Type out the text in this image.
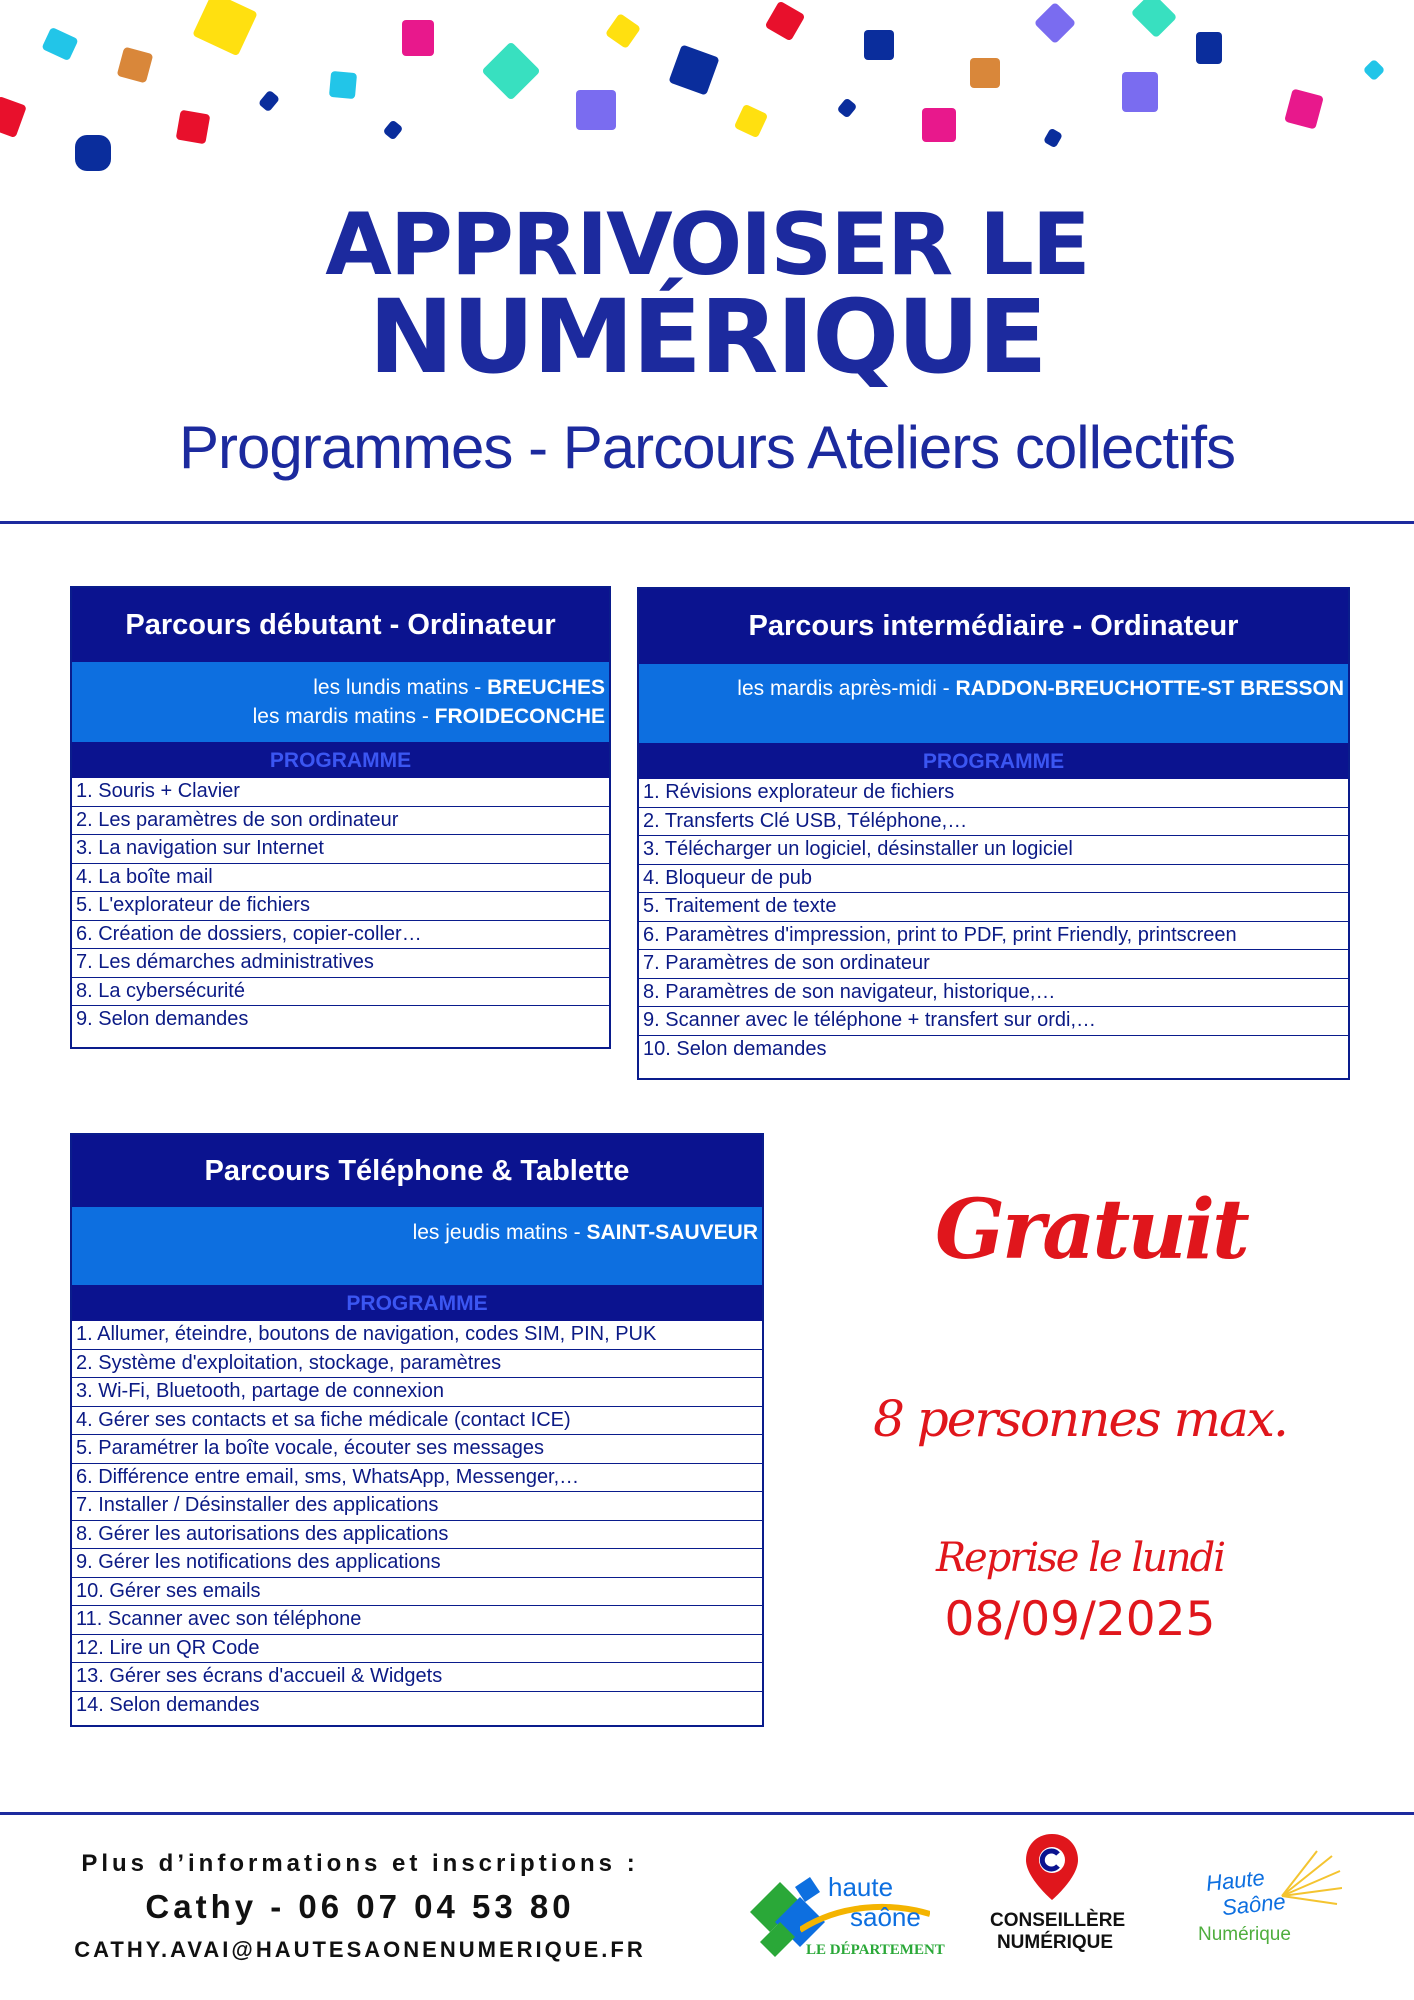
APPRIVOISER LE
NUMÉRIQUE
Programmes - Parcours Ateliers collectifs
Parcours débutant - Ordinateur
les lundis matins - BREUCHES
les mardis matins - FROIDECONCHE
PROGRAMME
1. Souris + Clavier
2. Les paramètres de son ordinateur
3. La navigation sur Internet
4. La boîte mail
5. L'explorateur de fichiers
6. Création de dossiers, copier-coller…
7. Les démarches administratives
8. La cybersécurité
9. Selon demandes
Parcours intermédiaire - Ordinateur
les mardis après-midi - RADDON-BREUCHOTTE-ST BRESSON
PROGRAMME
1. Révisions explorateur de fichiers
2. Transferts Clé USB, Téléphone,…
3. Télécharger un logiciel, désinstaller un logiciel
4. Bloqueur de pub
5. Traitement de texte
6. Paramètres d'impression, print to PDF, print Friendly, printscreen
7. Paramètres de son ordinateur
8. Paramètres de son navigateur, historique,…
9. Scanner avec le téléphone + transfert sur ordi,…
10. Selon demandes
Parcours Téléphone & Tablette
les jeudis matins - SAINT-SAUVEUR
PROGRAMME
1. Allumer, éteindre, boutons de navigation, codes SIM, PIN, PUK
2. Système d'exploitation, stockage, paramètres
3. Wi-Fi, Bluetooth, partage de connexion
4. Gérer ses contacts et sa fiche médicale (contact ICE)
5. Paramétrer la boîte vocale, écouter ses messages
6. Différence entre email, sms, WhatsApp, Messenger,…
7. Installer / Désinstaller des applications
8. Gérer les autorisations des applications
9. Gérer les notifications des applications
10. Gérer ses emails
11. Scanner avec son téléphone
12. Lire un QR Code
13. Gérer ses écrans d'accueil & Widgets
14. Selon demandes
Gratuit
8 personnes max.
Reprise le lundi
08/09/2025
Plus d’informations et inscriptions :
Cathy - 06 07 04 53 80
CATHY.AVAI@HAUTESAONENUMERIQUE.FR
haute
saône
LE DÉPARTEMENT
CONSEILLÈRE
NUMÉRIQUE
Haute
Saône
Numérique
